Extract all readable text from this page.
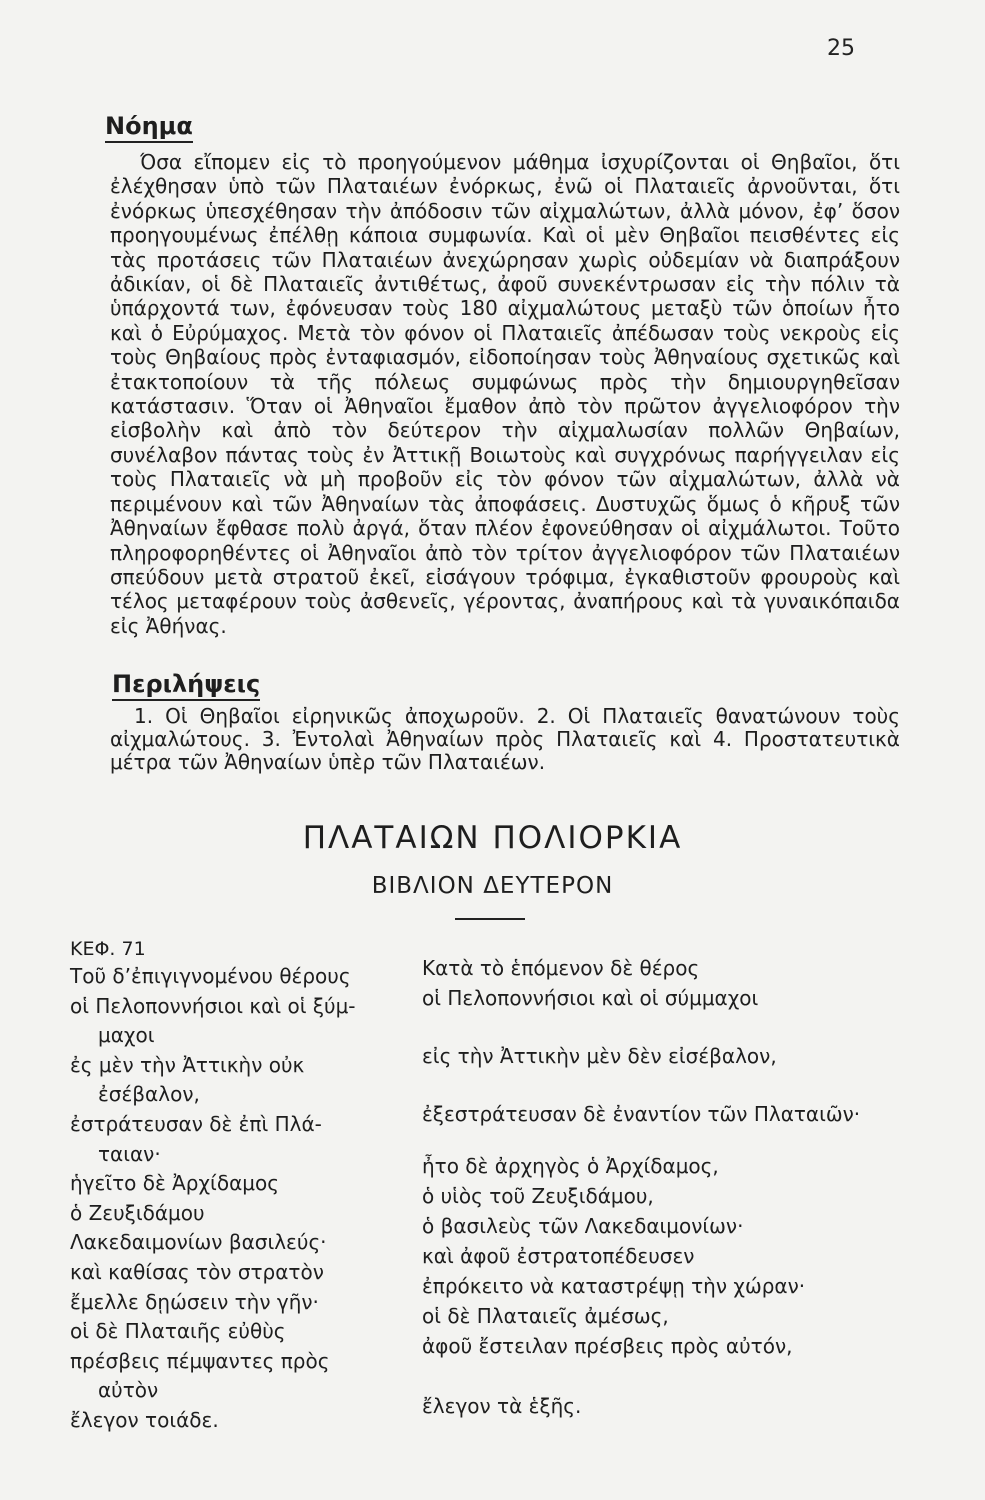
25
Νόημα

Όσα εἴπομεν εἰς τὸ προηγούμενον μάθημα ἰσχυρίζονται οἱ Θηβαῖοι, ὅτι ἐλέχθησαν ὑπὸ τῶν Πλαταιέων ἐνόρκως, ἐνῶ οἱ Πλαταιεῖς ἀρνοῦνται, ὅτι ἐνόρκως ὑπεσχέθησαν τὴν ἀπόδοσιν τῶν αἰχμαλώτων, ἀλλὰ μόνον, ἐφ’ ὅσον προηγουμένως ἐπέλθῃ κάποια συμφωνία. Καὶ οἱ μὲν Θηβαῖοι πεισθέντες εἰς τὰς προτάσεις τῶν Πλαταιέων ἀνεχώρησαν χωρὶς οὐδεμίαν νὰ διαπράξουν ἀδικίαν, οἱ δὲ Πλαταιεῖς ἀντιθέτως, ἀφοῦ συνεκέντρωσαν εἰς τὴν πόλιν τὰ ὑπάρχοντά των, ἐφόνευσαν τοὺς 180 αἰχμαλώτους μεταξὺ τῶν ὁποίων ἦτο καὶ ὁ Εὐρύμαχος. Μετὰ τὸν φόνον οἱ Πλαταιεῖς ἀπέδωσαν τοὺς νεκροὺς εἰς τοὺς Θηβαίους πρὸς ἐνταφιασμόν, εἰδοποίησαν τοὺς Ἀθηναίους σχετικῶς καὶ ἐτακτοποίουν τὰ τῆς πόλεως συμφώνως πρὸς τὴν δημιουργηθεῖσαν κατάστασιν. Ὅταν οἱ Ἀθηναῖοι ἔμαθον ἀπὸ τὸν πρῶτον ἀγγελιοφόρον τὴν εἰσβολὴν καὶ ἀπὸ τὸν δεύτερον τὴν αἰχμαλωσίαν πολλῶν Θηβαίων, συνέλαβον πάντας τοὺς ἐν Ἀττικῇ Βοιωτοὺς καὶ συγχρόνως παρήγγειλαν εἰς τοὺς Πλαταιεῖς νὰ μὴ προβοῦν εἰς τὸν φόνον τῶν αἰχμαλώτων, ἀλλὰ νὰ περιμένουν καὶ τῶν Ἀθηναίων τὰς ἀποφάσεις. Δυστυχῶς ὅμως ὁ κῆρυξ τῶν Ἀθηναίων ἔφθασε πολὺ ἀργά, ὅταν πλέον ἐφονεύθησαν οἱ αἰχμάλωτοι. Τοῦτο πληροφορηθέντες οἱ Ἀθηναῖοι ἀπὸ τὸν τρίτον ἀγγελιοφόρον τῶν Πλαταιέων σπεύδουν μετὰ στρατοῦ ἐκεῖ, εἰσάγουν τρόφιμα, ἐγκαθιστοῦν φρουροὺς καὶ τέλος μεταφέρουν τοὺς ἀσθενεῖς, γέροντας, ἀναπήρους καὶ τὰ γυναικόπαιδα εἰς Ἀθήνας.

Περιλήψεις

1. Οἱ Θηβαῖοι εἰρηνικῶς ἀποχωροῦν. 2. Οἱ Πλαταιεῖς θανατώνουν τοὺς αἰχμαλώτους. 3. Ἐντολαὶ Ἀθηναίων πρὸς Πλαταιεῖς καὶ 4. Προστατευτικὰ μέτρα τῶν Ἀθηναίων ὑπὲρ τῶν Πλαταιέων.

ΠΛΑΤΑΙΩΝ ΠΟΛΙΟΡΚΙΑ
ΒΙΒΛΙΟΝ ΔΕΥΤΕΡΟΝ
ΚΕΦ. 71
Τοῦ δ’ἐπιγιγνομένου θέρους
οἱ Πελοποννήσιοι καὶ οἱ ξύμ-
μαχοι
ἐς μὲν τὴν Ἀττικὴν οὐκ
ἐσέβαλον,
ἐστράτευσαν δὲ ἐπὶ Πλά-
ταιαν·
ἡγεῖτο δὲ Ἀρχίδαμος
ὁ Ζευξιδάμου
Λακεδαιμονίων βασιλεύς·
καὶ καθίσας τὸν στρατὸν
ἔμελλε δῃώσειν τὴν γῆν·
οἱ δὲ Πλαταιῆς εὐθὺς
πρέσβεις πέμψαντες πρὸς
αὐτὸν
ἔλεγον τοιάδε.
Κατὰ τὸ ἑπόμενον δὲ θέρος
οἱ Πελοποννήσιοι καὶ οἱ σύμμαχοι
εἰς τὴν Ἀττικὴν μὲν δὲν εἰσέβαλον,
ἐξεστράτευσαν δὲ ἐναντίον τῶν Πλαταιῶν·
ἦτο δὲ ἀρχηγὸς ὁ Ἀρχίδαμος,
ὁ υἱὸς τοῦ Ζευξιδάμου,
ὁ βασιλεὺς τῶν Λακεδαιμονίων·
καὶ ἀφοῦ ἐστρατοπέδευσεν
ἐπρόκειτο νὰ καταστρέψῃ τὴν χώραν·
οἱ δὲ Πλαταιεῖς ἀμέσως,
ἀφοῦ ἔστειλαν πρέσβεις πρὸς αὐτόν,
ἔλεγον τὰ ἑξῆς.
